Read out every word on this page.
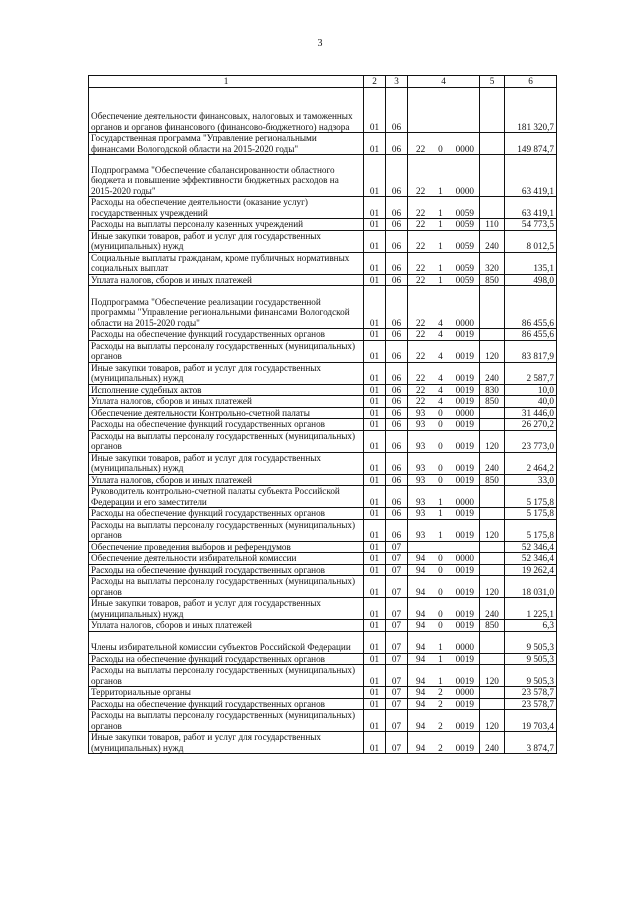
3
1	2	3	4	5	6
Обеспечение деятельности финансовых, налоговых и таможенных органов и органов финансового (финансово-бюджетного) надзора	01	06			181 320,7
Государственная программа "Управление региональными финансами Вологодской области на 2015-2020 годы"	01	06	22 0 0000		149 874,7
Подпрограмма "Обеспечение сбалансированности областного бюджета и повышение эффективности бюджетных расходов на 2015-2020 годы"	01	06	22 1 0000		63 419,1
Расходы на обеспечение деятельности (оказание услуг) государственных учреждений	01	06	22 1 0059		63 419,1
Расходы на выплаты персоналу казенных учреждений	01	06	22 1 0059	110	54 773,5
Иные закупки товаров, работ и услуг для государственных (муниципальных) нужд	01	06	22 1 0059	240	8 012,5
Социальные выплаты гражданам, кроме публичных нормативных социальных выплат	01	06	22 1 0059	320	135,1
Уплата налогов, сборов и иных платежей	01	06	22 1 0059	850	498,0
Подпрограмма "Обеспечение реализации государственной программы "Управление региональными финансами Вологодской области на 2015-2020 годы"	01	06	22 4 0000		86 455,6
Расходы на обеспечение функций государственных органов	01	06	22 4 0019		86 455,6
Расходы на выплаты персоналу государственных (муниципальных) органов	01	06	22 4 0019	120	83 817,9
Иные закупки товаров, работ и услуг для государственных (муниципальных) нужд	01	06	22 4 0019	240	2 587,7
Исполнение судебных актов	01	06	22 4 0019	830	10,0
Уплата налогов, сборов и иных платежей	01	06	22 4 0019	850	40,0
Обеспечение деятельности Контрольно-счетной палаты	01	06	93 0 0000		31 446,0
Расходы на обеспечение функций государственных органов	01	06	93 0 0019		26 270,2
Расходы на выплаты персоналу государственных (муниципальных) органов	01	06	93 0 0019	120	23 773,0
Иные закупки товаров, работ и услуг для государственных (муниципальных) нужд	01	06	93 0 0019	240	2 464,2
Уплата налогов, сборов и иных платежей	01	06	93 0 0019	850	33,0
Руководитель контрольно-счетной палаты субъекта Российской Федерации и его заместители	01	06	93 1 0000		5 175,8
Расходы на обеспечение функций государственных органов	01	06	93 1 0019		5 175,8
Расходы на выплаты персоналу государственных (муниципальных) органов	01	06	93 1 0019	120	5 175,8
Обеспечение проведения выборов и референдумов	01	07			52 346,4
Обеспечение деятельности избирательной комиссии	01	07	94 0 0000		52 346,4
Расходы на обеспечение функций государственных органов	01	07	94 0 0019		19 262,4
Расходы на выплаты персоналу государственных (муниципальных) органов	01	07	94 0 0019	120	18 031,0
Иные закупки товаров, работ и услуг для государственных (муниципальных) нужд	01	07	94 0 0019	240	1 225,1
Уплата налогов, сборов и иных платежей	01	07	94 0 0019	850	6,3
Члены избирательной комиссии субъектов Российской Федерации	01	07	94 1 0000		9 505,3
Расходы на обеспечение функций государственных органов	01	07	94 1 0019		9 505,3
Расходы на выплаты персоналу государственных (муниципальных) органов	01	07	94 1 0019	120	9 505,3
Территориальные органы	01	07	94 2 0000		23 578,7
Расходы на обеспечение функций государственных органов	01	07	94 2 0019		23 578,7
Расходы на выплаты персоналу государственных (муниципальных) органов	01	07	94 2 0019	120	19 703,4
Иные закупки товаров, работ и услуг для государственных (муниципальных) нужд	01	07	94 2 0019	240	3 874,7
